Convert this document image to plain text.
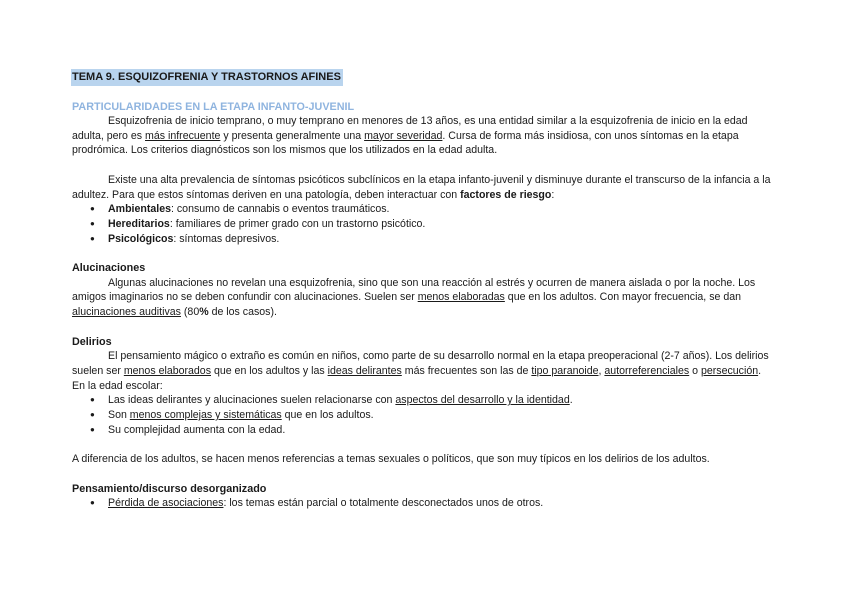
TEMA 9. ESQUIZOFRENIA Y TRASTORNOS AFINES
PARTICULARIDADES EN LA ETAPA INFANTO-JUVENIL

Esquizofrenia de inicio temprano, o muy temprano en menores de 13 años, es una entidad similar a la esquizofrenia de inicio en la edad adulta, pero es más infrecuente y presenta generalmente una mayor severidad. Cursa de forma más insidiosa, con unos síntomas en la etapa prodrómica. Los criterios diagnósticos son los mismos que los utilizados en la edad adulta.

Existe una alta prevalencia de síntomas psicóticos subclínicos en la etapa infanto-juvenil y disminuye durante el transcurso de la infancia a la adultez. Para que estos síntomas deriven en una patología, deben interactuar con factores de riesgo:

● Ambientales: consumo de cannabis o eventos traumáticos.
● Hereditarios: familiares de primer grado con un trastorno psicótico.
● Psicológicos: síntomas depresivos.
Alucinaciones

Algunas alucinaciones no revelan una esquizofrenia, sino que son una reacción al estrés y ocurren de manera aislada o por la noche. Los amigos imaginarios no se deben confundir con alucinaciones. Suelen ser menos elaboradas que en los adultos. Con mayor frecuencia, se dan alucinaciones auditivas (80% de los casos).

Delirios

El pensamiento mágico o extraño es común en niños, como parte de su desarrollo normal en la etapa preoperacional (2-7 años). Los delirios suelen ser menos elaborados que en los adultos y las ideas delirantes más frecuentes son las de tipo paranoide, autorreferenciales o persecución.

En la edad escolar:

● Las ideas delirantes y alucinaciones suelen relacionarse con aspectos del desarrollo y la identidad.
● Son menos complejas y sistemáticas que en los adultos.
● Su complejidad aumenta con la edad.

A diferencia de los adultos, se hacen menos referencias a temas sexuales o políticos, que son muy típicos en los delirios de los adultos.

Pensamiento/discurso desorganizado
● Pérdida de asociaciones: los temas están parcial o totalmente desconectados unos de otros.
